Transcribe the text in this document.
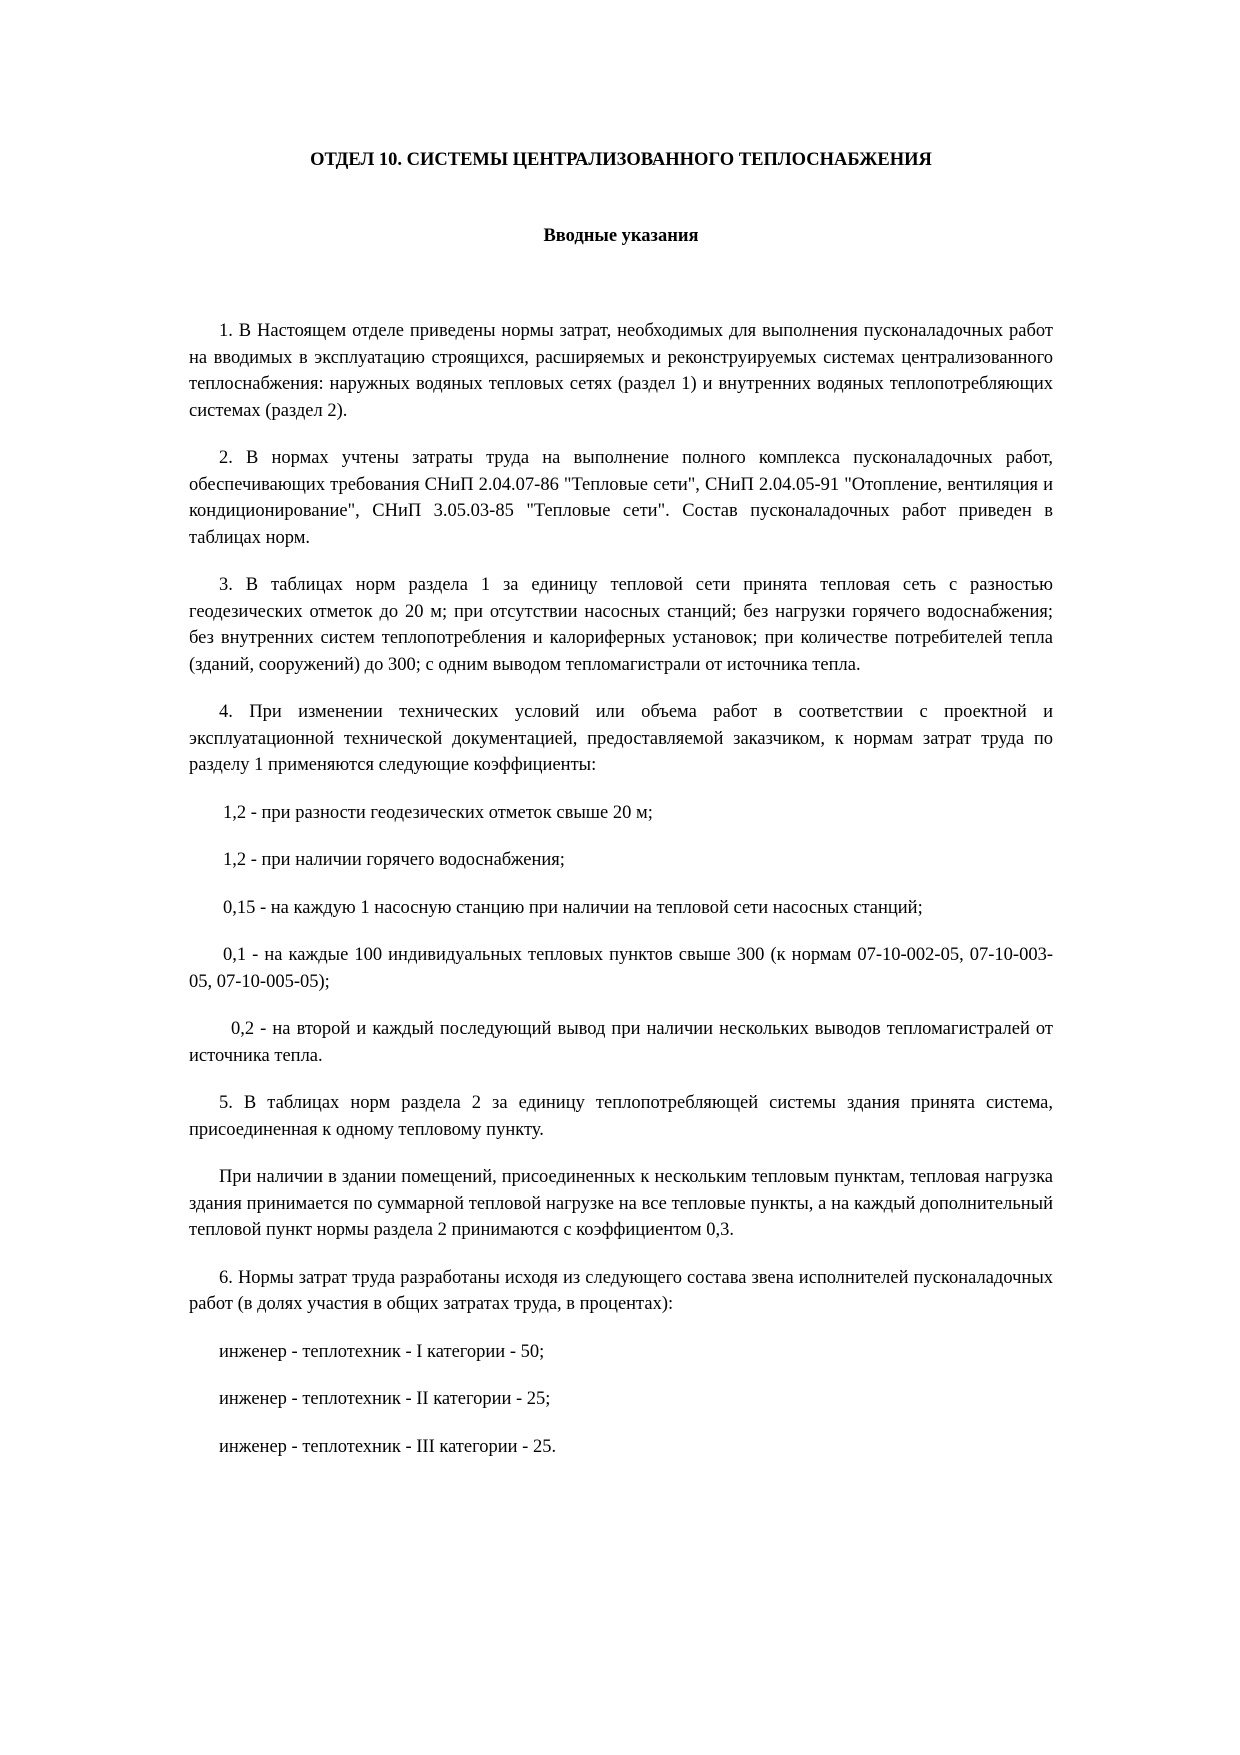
ОТДЕЛ 10. СИСТЕМЫ ЦЕНТРАЛИЗОВАННОГО ТЕПЛОСНАБЖЕНИЯ
Вводные указания

1. В Настоящем отделе приведены нормы затрат, необходимых для выполнения пусконаладочных работ на вводимых в эксплуатацию строящихся, расширяемых и реконструируемых системах централизованного теплоснабжения: наружных водяных тепловых сетях (раздел 1) и внутренних водяных теплопотребляющих системах (раздел 2).

2. В нормах учтены затраты труда на выполнение полного комплекса пусконаладочных работ, обеспечивающих требования СНиП 2.04.07-86 "Тепловые сети", СНиП 2.04.05-91 "Отопление, вентиляция и кондиционирование", СНиП 3.05.03-85 "Тепловые сети". Состав пусконаладочных работ приведен в таблицах норм.

3. В таблицах норм раздела 1 за единицу тепловой сети принята тепловая сеть с разностью геодезических отметок до 20 м; при отсутствии насосных станций; без нагрузки горячего водоснабжения; без внутренних систем теплопотребления и калориферных установок; при количестве потребителей тепла (зданий, сооружений) до 300; с одним выводом тепломагистрали от источника тепла.

4. При изменении технических условий или объема работ в соответствии с проектной и эксплуатационной технической документацией, предоставляемой заказчиком, к нормам затрат труда по разделу 1 применяются следующие коэффициенты:

1,2 - при разности геодезических отметок свыше 20 м;

1,2 - при наличии горячего водоснабжения;

0,15 - на каждую 1 насосную станцию при наличии на тепловой сети насосных станций;

0,1 - на каждые 100 индивидуальных тепловых пунктов свыше 300 (к нормам 07-10-002-05, 07-10-003-05, 07-10-005-05);

0,2 - на второй и каждый последующий вывод при наличии нескольких выводов тепломагистралей от источника тепла.

5. В таблицах норм раздела 2 за единицу теплопотребляющей системы здания принята система, присоединенная к одному тепловому пункту.

При наличии в здании помещений, присоединенных к нескольким тепловым пунктам, тепловая нагрузка здания принимается по суммарной тепловой нагрузке на все тепловые пункты, а на каждый дополнительный тепловой пункт нормы раздела 2 принимаются с коэффициентом 0,3.

6. Нормы затрат труда разработаны исходя из следующего состава звена исполнителей пусконаладочных работ (в долях участия в общих затратах труда, в процентах):

инженер - теплотехник - I категории - 50;

инженер - теплотехник - II категории - 25;

инженер - теплотехник - III категории - 25.
